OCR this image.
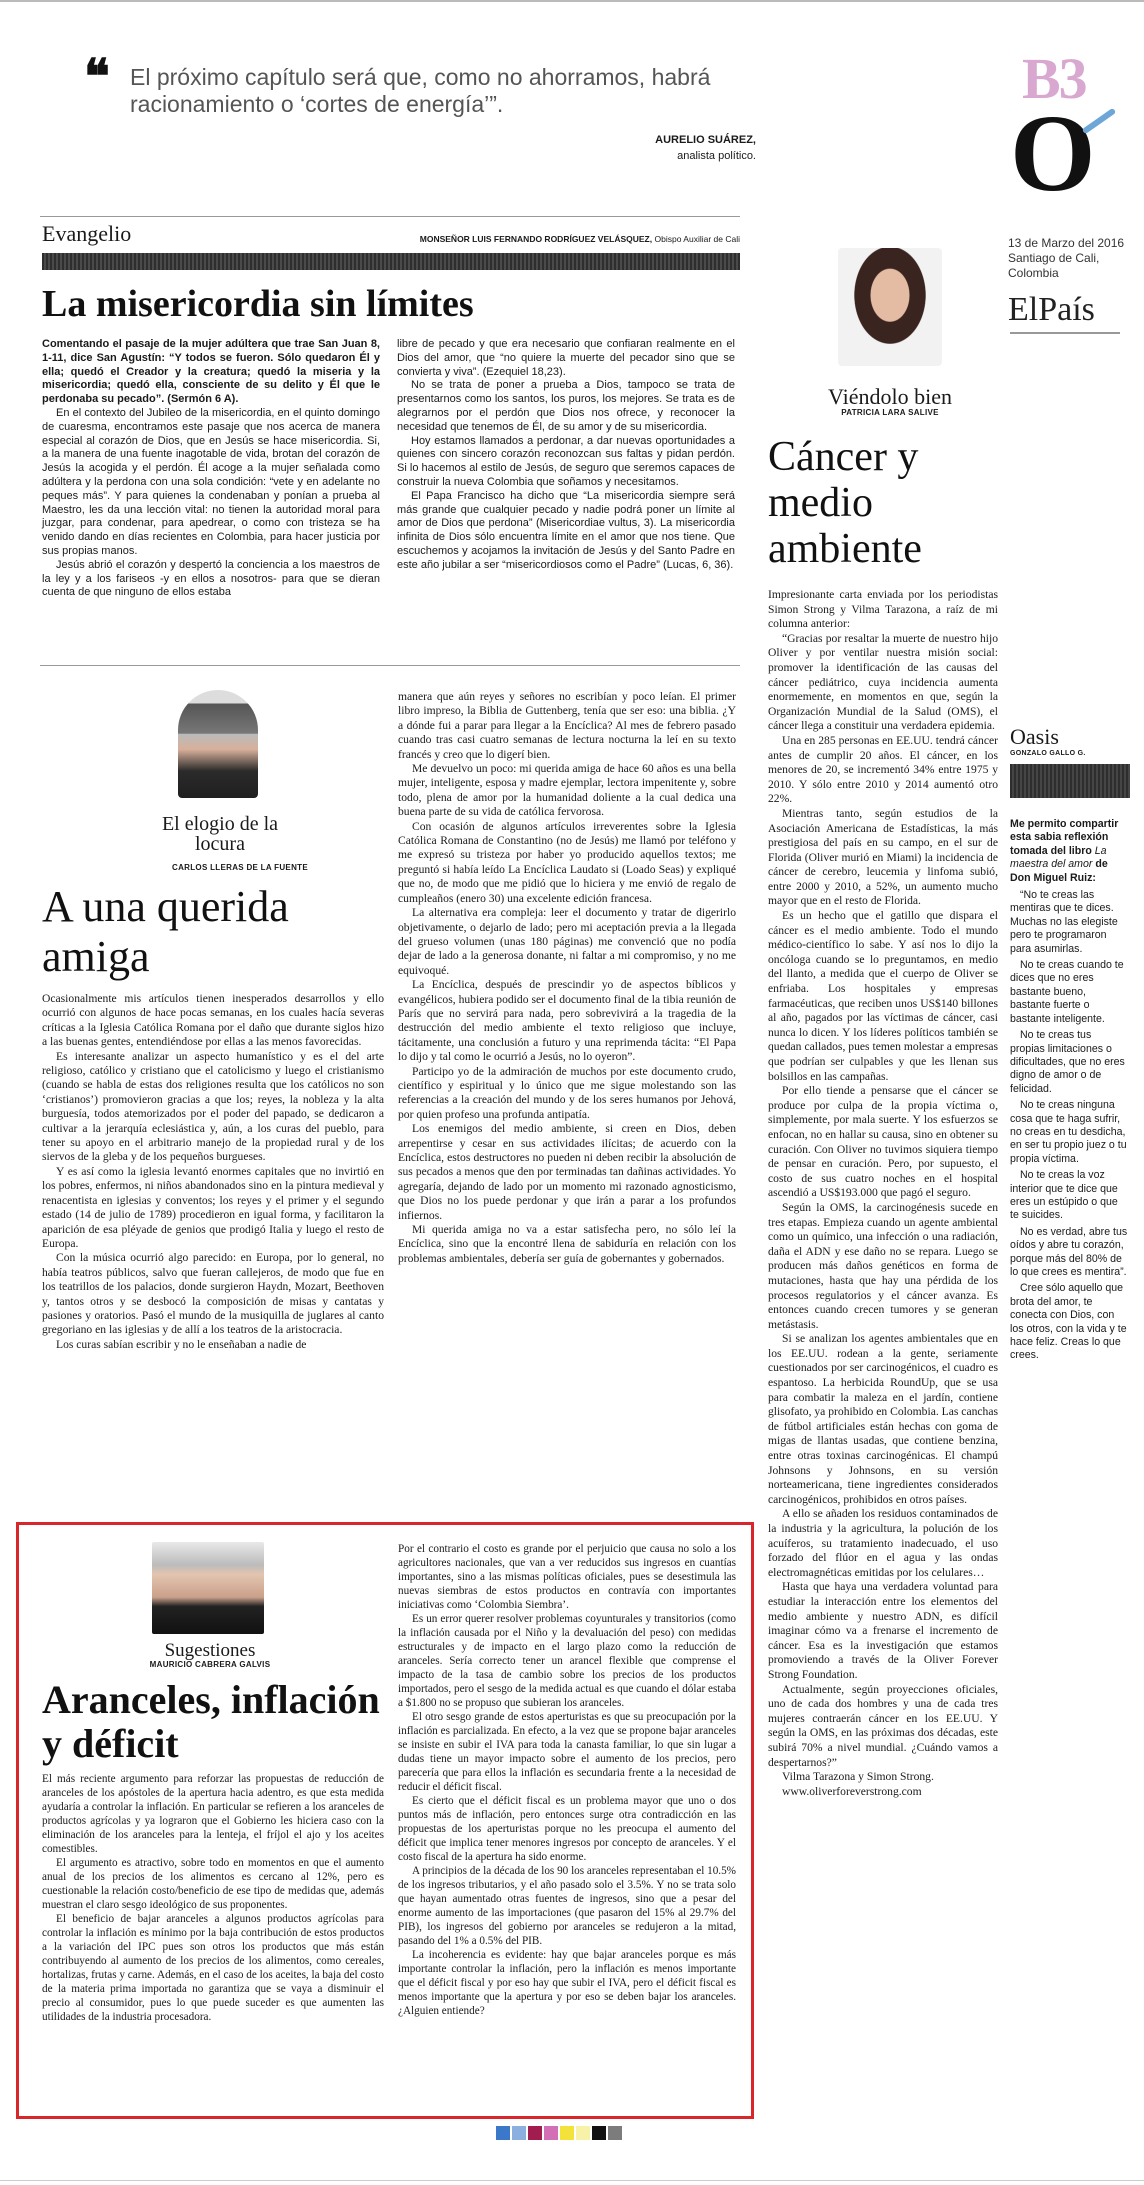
❝ El próximo capítulo será que, como no ahorramos, habrá racionamiento o ‘cortes de energía’”.
AURELIO SUÁREZ,
analista político.
B3
O
13 de Marzo del 2016 Santiago de Cali, Colombia
ElPaís
Evangelio	MONSEÑOR LUIS FERNANDO RODRÍGUEZ VELÁSQUEZ, Obispo Auxiliar de Cali
La misericordia sin límites

Comentando el pasaje de la mujer adúltera que trae San Juan 8, 1-11, dice San Agustín: “Y todos se fueron. Sólo quedaron Él y ella; quedó el Creador y la creatura; quedó la miseria y la misericordia; quedó ella, consciente de su delito y Él que le perdonaba su pecado”. (Sermón 6 A).

En el contexto del Jubileo de la misericordia, en el quinto domingo de cuaresma, encontramos este pasaje que nos acerca de manera especial al corazón de Dios, que en Jesús se hace misericordia. Si, a la manera de una fuente inagotable de vida, brotan del corazón de Jesús la acogida y el perdón. Él acoge a la mujer señalada como adúltera y la perdona con una sola condición: “vete y en adelante no peques más”. Y para quienes la condenaban y ponían a prueba al Maestro, les da una lección vital: no tienen la autoridad moral para juzgar, para condenar, para apedrear, o como con tristeza se ha venido dando en días recientes en Colombia, para hacer justicia por sus propias manos.

Jesús abrió el corazón y despertó la conciencia a los maestros de la ley y a los fariseos -y en ellos a nosotros- para que se dieran cuenta de que ninguno de ellos estaba

libre de pecado y que era necesario que confiaran realmente en el Dios del amor, que “no quiere la muerte del pecador sino que se convierta y viva”. (Ezequiel 18,23).

No se trata de poner a prueba a Dios, tampoco se trata de presentarnos como los santos, los puros, los mejores. Se trata es de alegrarnos por el perdón que Dios nos ofrece, y reconocer la necesidad que tenemos de Él, de su amor y de su misericordia.

Hoy estamos llamados a perdonar, a dar nuevas oportunidades a quienes con sincero corazón reconozcan sus faltas y pidan perdón. Si lo hacemos al estilo de Jesús, de seguro que seremos capaces de construir la nueva Colombia que soñamos y necesitamos.

El Papa Francisco ha dicho que “La misericordia siempre será más grande que cualquier pecado y nadie podrá poner un límite al amor de Dios que perdona” (Misericordiae vultus, 3). La misericordia infinita de Dios sólo encuentra límite en el amor que nos tiene. Que escuchemos y acojamos la invitación de Jesús y del Santo Padre en este año jubilar a ser “misericordiosos como el Padre” (Lucas, 6, 36).

El elogio de la locura
CARLOS LLERAS DE LA FUENTE
A una querida amiga

Ocasionalmente mis artículos tienen inesperados desarrollos y ello ocurrió con algunos de hace pocas semanas, en los cuales hacía severas críticas a la Iglesia Católica Romana por el daño que durante siglos hizo a las buenas gentes, entendiéndose por ellas a las menos favorecidas.

Es interesante analizar un aspecto humanístico y es el del arte religioso, católico y cristiano que el catolicismo y luego el cristianismo (cuando se habla de estas dos religiones resulta que los católicos no son ‘cristianos’) promovieron gracias a que los; reyes, la nobleza y la alta burguesía, todos atemorizados por el poder del papado, se dedicaron a cultivar a la jerarquía eclesiástica y, aún, a los curas del pueblo, para tener su apoyo en el arbitrario manejo de la propiedad rural y de los siervos de la gleba y de los pequeños burgueses.

Y es así como la iglesia levantó enormes capitales que no invirtió en los pobres, enfermos, ni niños abandonados sino en la pintura medieval y renacentista en iglesias y conventos; los reyes y el primer y el segundo estado (14 de julio de 1789) procedieron en igual forma, y facilitaron la aparición de esa pléyade de genios que prodigó Italia y luego el resto de Europa.

Con la música ocurrió algo parecido: en Europa, por lo general, no había teatros públicos, salvo que fueran callejeros, de modo que fue en los teatrillos de los palacios, donde surgieron Haydn, Mozart, Beethoven y, tantos otros y se desbocó la composición de misas y cantatas y pasiones y oratorios. Pasó el mundo de la musiquilla de juglares al canto gregoriano en las iglesias y de allí a los teatros de la aristocracia.

Los curas sabían escribir y no le enseñaban a nadie de

manera que aún reyes y señores no escribían y poco leían. El primer libro impreso, la Biblia de Guttenberg, tenía que ser eso: una biblia. ¿Y a dónde fui a parar para llegar a la Encíclica? Al mes de febrero pasado cuando tras casi cuatro semanas de lectura nocturna la leí en su texto francés y creo que lo digerí bien.

Me devuelvo un poco: mi querida amiga de hace 60 años es una bella mujer, inteligente, esposa y madre ejemplar, lectora impenitente y, sobre todo, plena de amor por la humanidad doliente a la cual dedica una buena parte de su vida de católica fervorosa.

Con ocasión de algunos artículos irreverentes sobre la Iglesia Católica Romana de Constantino (no de Jesús) me llamó por teléfono y me expresó su tristeza por haber yo producido aquellos textos; me preguntó si había leído La Encíclica Laudato si (Loado Seas) y expliqué que no, de modo que me pidió que lo hiciera y me envió de regalo de cumpleaños (enero 30) una excelente edición francesa.

La alternativa era compleja: leer el documento y tratar de digerirlo objetivamente, o dejarlo de lado; pero mi aceptación previa a la llegada del grueso volumen (unas 180 páginas) me convenció que no podía dejar de lado a la generosa donante, ni faltar a mi compromiso, y no me equivoqué.

La Encíclica, después de prescindir yo de aspectos bíblicos y evangélicos, hubiera podido ser el documento final de la tibia reunión de París que no servirá para nada, pero sobrevivirá a la tragedia de la destrucción del medio ambiente el texto religioso que incluye, tácitamente, una conclusión a futuro y una reprimenda tácita: “El Papa lo dijo y tal como le ocurrió a Jesús, no lo oyeron”.

Participo yo de la admiración de muchos por este documento crudo, científico y espiritual y lo único que me sigue molestando son las referencias a la creación del mundo y de los seres humanos por Jehová, por quien profeso una profunda antipatía.

Los enemigos del medio ambiente, si creen en Dios, deben arrepentirse y cesar en sus actividades ilícitas; de acuerdo con la Encíclica, estos destructores no pueden ni deben recibir la absolución de sus pecados a menos que den por terminadas tan dañinas actividades. Yo agregaría, dejando de lado por un momento mi razonado agnosticismo, que Dios no los puede perdonar y que irán a parar a los profundos infiernos.

Mi querida amiga no va a estar satisfecha pero, no sólo leí la Encíclica, sino que la encontré llena de sabiduría en relación con los problemas ambientales, debería ser guía de gobernantes y gobernados.

Sugestiones
MAURICIO CABRERA GALVIS
Aranceles, inflación y déficit

El más reciente argumento para reforzar las propuestas de reducción de aranceles de los apóstoles de la apertura hacia adentro, es que esta medida ayudaría a controlar la inflación. En particular se refieren a los aranceles de productos agrícolas y ya lograron que el Gobierno les hiciera caso con la eliminación de los aranceles para la lenteja, el fríjol el ajo y los aceites comestibles.

El argumento es atractivo, sobre todo en momentos en que el aumento anual de los precios de los alimentos es cercano al 12%, pero es cuestionable la relación costo/beneficio de ese tipo de medidas que, además muestran el claro sesgo ideológico de sus proponentes.

El beneficio de bajar aranceles a algunos productos agrícolas para controlar la inflación es mínimo por la baja contribución de estos productos a la variación del IPC pues son otros los productos que más están contribuyendo al aumento de los precios de los alimentos, como cereales, hortalizas, frutas y carne. Además, en el caso de los aceites, la baja del costo de la materia prima importada no garantiza que se vaya a disminuir el precio al consumidor, pues lo que puede suceder es que aumenten las utilidades de la industria procesadora.

Por el contrario el costo es grande por el perjuicio que causa no solo a los agricultores nacionales, que van a ver reducidos sus ingresos en cuantías importantes, sino a las mismas políticas oficiales, pues se desestimula las nuevas siembras de estos productos en contravía con importantes iniciativas como ‘Colombia Siembra’.

Es un error querer resolver problemas coyunturales y transitorios (como la inflación causada por el Niño y la devaluación del peso) con medidas estructurales y de impacto en el largo plazo como la reducción de aranceles. Sería correcto tener un arancel flexible que comprense el impacto de la tasa de cambio sobre los precios de los productos importados, pero el sesgo de la medida actual es que cuando el dólar estaba a $1.800 no se propuso que subieran los aranceles.

El otro sesgo grande de estos aperturistas es que su preocupación por la inflación es parcializada. En efecto, a la vez que se propone bajar aranceles se insiste en subir el IVA para toda la canasta familiar, lo que sin lugar a dudas tiene un mayor impacto sobre el aumento de los precios, pero parecería que para ellos la inflación es secundaria frente a la necesidad de reducir el déficit fiscal.

Es cierto que el déficit fiscal es un problema mayor que uno o dos puntos más de inflación, pero entonces surge otra contradicción en las propuestas de los aperturistas porque no les preocupa el aumento del déficit que implica tener menores ingresos por concepto de aranceles. Y el costo fiscal de la apertura ha sido enorme.

A principios de la década de los 90 los aranceles representaban el 10.5% de los ingresos tributarios, y el año pasado solo el 3.5%. Y no se trata solo que hayan aumentado otras fuentes de ingresos, sino que a pesar del enorme aumento de las importaciones (que pasaron del 15% al 29.7% del PIB), los ingresos del gobierno por aranceles se redujeron a la mitad, pasando del 1% a 0.5% del PIB.

La incoherencia es evidente: hay que bajar aranceles porque es más importante controlar la inflación, pero la inflación es menos importante que el déficit fiscal y por eso hay que subir el IVA, pero el déficit fiscal es menos importante que la apertura y por eso se deben bajar los aranceles. ¿Alguien entiende?

Viéndolo bien
PATRICIA LARA SALIVE
Cáncer y medio ambiente

Impresionante carta enviada por los periodistas Simon Strong y Vilma Tarazona, a raíz de mi columna anterior:

“Gracias por resaltar la muerte de nuestro hijo Oliver y por ventilar nuestra misión social: promover la identificación de las causas del cáncer pediátrico, cuya incidencia aumenta enormemente, en momentos en que, según la Organización Mundial de la Salud (OMS), el cáncer llega a constituir una verdadera epidemia.

Una en 285 personas en EE.UU. tendrá cáncer antes de cumplir 20 años. El cáncer, en los menores de 20, se incrementó 34% entre 1975 y 2010. Y sólo entre 2010 y 2014 aumentó otro 22%.

Mientras tanto, según estudios de la Asociación Americana de Estadísticas, la más prestigiosa del país en su campo, en el sur de Florida (Oliver murió en Miami) la incidencia de cáncer de cerebro, leucemia y linfoma subió, entre 2000 y 2010, a 52%, un aumento mucho mayor que en el resto de Florida.

Es un hecho que el gatillo que dispara el cáncer es el medio ambiente. Todo el mundo médico-científico lo sabe. Y así nos lo dijo la oncóloga cuando se lo preguntamos, en medio del llanto, a medida que el cuerpo de Oliver se enfriaba. Los hospitales y empresas farmacéuticas, que reciben unos US$140 billones al año, pagados por las víctimas de cáncer, casi nunca lo dicen. Y los líderes políticos también se quedan callados, pues temen molestar a empresas que podrían ser culpables y que les llenan sus bolsillos en las campañas.

Por ello tiende a pensarse que el cáncer se produce por culpa de la propia víctima o, simplemente, por mala suerte. Y los esfuerzos se enfocan, no en hallar su causa, sino en obtener su curación. Con Oliver no tuvimos siquiera tiempo de pensar en curación. Pero, por supuesto, el costo de sus cuatro noches en el hospital ascendió a US$193.000 que pagó el seguro.

Según la OMS, la carcinogénesis sucede en tres etapas. Empieza cuando un agente ambiental como un químico, una infección o una radiación, daña el ADN y ese daño no se repara. Luego se producen más daños genéticos en forma de mutaciones, hasta que hay una pérdida de los procesos regulatorios y el cáncer avanza. Es entonces cuando crecen tumores y se generan metástasis.

Si se analizan los agentes ambientales que en los EE.UU. rodean a la gente, seriamente cuestionados por ser carcinogénicos, el cuadro es espantoso. La herbicida RoundUp, que se usa para combatir la maleza en el jardín, contiene glisofato, ya prohibido en Colombia. Las canchas de fútbol artificiales están hechas con goma de migas de llantas usadas, que contiene benzina, entre otras toxinas carcinogénicas. El champú Johnsons y Johnsons, en su versión norteamericana, tiene ingredientes considerados carcinogénicos, prohibidos en otros países.

A ello se añaden los residuos contaminados de la industria y la agricultura, la polución de los acuíferos, su tratamiento inadecuado, el uso forzado del flúor en el agua y las ondas electromagnéticas emitidas por los celulares…

Hasta que haya una verdadera voluntad para estudiar la interacción entre los elementos del medio ambiente y nuestro ADN, es difícil imaginar cómo va a frenarse el incremento de cáncer. Esa es la investigación que estamos promoviendo a través de la Oliver Forever Strong Foundation.

Actualmente, según proyecciones oficiales, uno de cada dos hombres y una de cada tres mujeres contraerán cáncer en los EE.UU. Y según la OMS, en las próximas dos décadas, este subirá 70% a nivel mundial. ¿Cuándo vamos a despertarnos?”

Vilma Tarazona y Simon Strong.

www.oliverforeverstrong.com

Oasis
GONZALO GALLO G.
Me permito compartir esta sabia reflexión tomada del libro La maestra del amor de Don Miguel Ruiz:
“No te creas las mentiras que te dices. Muchas no las elegiste pero te programaron para asumirlas.
No te creas cuando te dices que no eres bastante bueno, bastante fuerte o bastante inteligente.
No te creas tus propias limitaciones o dificultades, que no eres digno de amor o de felicidad.
No te creas ninguna cosa que te haga sufrir, no creas en tu desdicha, en ser tu propio juez o tu propia víctima.
No te creas la voz interior que te dice que eres un estúpido o que te suicides.
No es verdad, abre tus oídos y abre tu corazón, porque más del 80% de lo que crees es mentira”.
Cree sólo aquello que brota del amor, te conecta con Dios, con los otros, con la vida y te hace feliz. Creas lo que crees.
